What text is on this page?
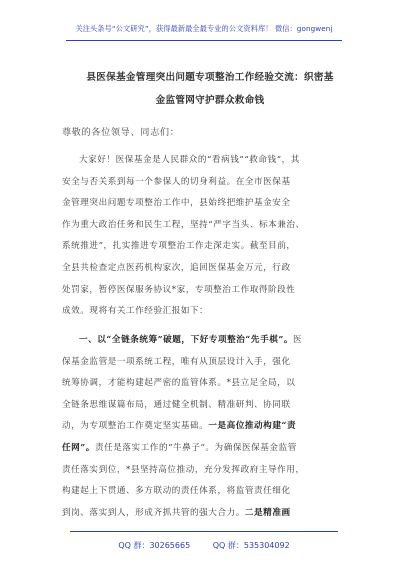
关注头条号“公文研究”，获得最新最全最专业的公文资料库！ 微信：gongwenj
县医保基金管理突出问题专项整治工作经验交流：织密基
金监管网守护群众救命钱
尊敬的各位领导、同志们：
大家好！医保基金是人民群众的“看病钱”“救命钱”，其
安全与否关系到每一个参保人的切身利益。在全市医保基
金管理突出问题专项整治工作中，县始终把维护基金安全
作为重大政治任务和民生工程，坚持“严字当头、标本兼治、
系统推进”，扎实推进专项整治工作走深走实。截至目前，
全县共检查定点医药机构家次，追回医保基金万元，行政
处罚家，暂停医保服务协议*家，专项整治工作取得阶段性
成效。现将有关工作经验汇报如下：
一、以“全链条统筹”破题，下好专项整治“先手棋”。医
保基金监管是一项系统工程，唯有从顶层设计入手，强化
统筹协调，才能构建起严密的监管体系。*县立足全局，以
全链条思维谋篇布局，通过健全机制、精准研判、协同联
动，为专项整治工作奠定坚实基础。一是高位推动构建“责
任网”。责任是落实工作的“牛鼻子”。为确保医保基金监管
责任落实到位，*县坚持高位推动，充分发挥政府主导作用，
构建起上下贯通、多方联动的责任体系，将监管责任细化
到岗、落实到人，形成齐抓共管的强大合力。二是精准画
QQ 群：30265665	QQ 群：535304092
